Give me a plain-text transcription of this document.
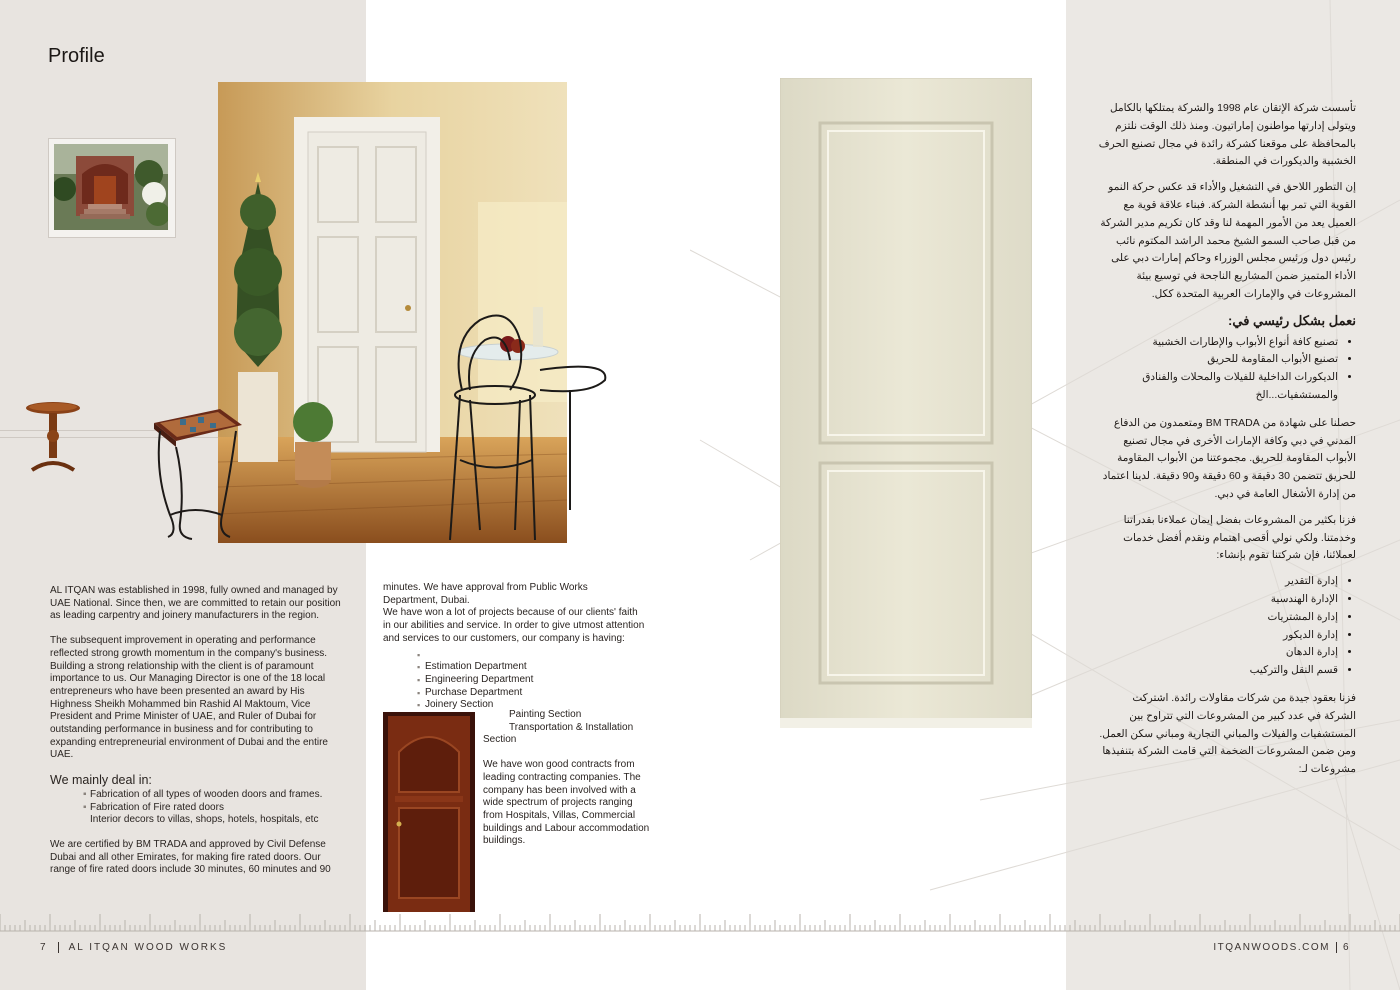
Profile

AL ITQAN was established in 1998, fully owned and managed by UAE National. Since then, we are committed to retain our position as leading carpentry and joinery manufacturers in the region.

The subsequent improvement in operating and performance reflected strong growth momentum in the company's business. Building a strong relationship with the client is of paramount importance to us. Our Managing Director is one of the 18 local entrepreneurs who have been presented an award by His Highness Sheikh Mohammed bin Rashid Al Maktoum, Vice President and Prime Minister of UAE, and Ruler of Dubai for outstanding performance in business and for contributing to expanding entrepreneurial environment of Dubai and the entire UAE.

We mainly deal in:
▪ Fabrication of all types of wooden doors and frames.
▪ Fabrication of Fire rated doors
Interior decors to villas, shops, hotels, hospitals, etc

We are certified by BM TRADA and approved by Civil Defense Dubai and all other Emirates, for making fire rated doors. Our range of fire rated doors include 30 minutes, 60 minutes and 90

minutes. We have approval from Public Works Department, Dubai.

We have won a lot of projects because of our clients' faith in our abilities and service. In order to give utmost attention and services to our customers, our company is having:

▪
▪ Estimation Department
▪ Engineering Department
▪ Purchase Department
▪ Joinery Section
Painting Section
Transportation & Installation
Section

We have won good contracts from leading contracting companies. The company has been involved with a wide spectrum of projects ranging from Hospitals, Villas, Commercial buildings and Labour accommodation buildings.

تأسست شركة الإتقان عام 1998 والشركة يمتلكها بالكامل ويتولى إدارتها مواطنون إماراتيون. ومنذ ذلك الوقت نلتزم بالمحافظة على موقعنا كشركة رائدة في مجال تصنيع الحرف الخشبية والديكورات في المنطقة.

إن التطور اللاحق في التشغيل والأداء قد عكس حركة النمو القوية التي تمر بها أنشطة الشركة. فبناء علاقة قوية مع العميل يعد من الأمور المهمة لنا وقد كان تكريم مدير الشركة من قبل صاحب السمو الشيخ محمد الراشد المكتوم نائب رئيس دول ورئيس مجلس الوزراء وحاكم إمارات دبي على الأداء المتميز ضمن المشاريع الناجحة في توسيع بيئة المشروعات في والإمارات العربية المتحدة ككل.

نعمل بشكل رئيسي في:
• تصنيع كافة أنواع الأبواب والإطارات الخشبية
• تصنيع الأبواب المقاومة للحريق
• الديكورات الداخلية للفيلات والمحلات والفنادق والمستشفيات...الخ

حصلنا على شهادة من BM TRADA ومتعمدون من الدفاع المدني في دبي وكافة الإمارات الأخرى في مجال تصنيع الأبواب المقاومة للحريق. مجموعتنا من الأبواب المقاومة للحريق تتضمن 30 دقيقة و 60 دقيقة و90 دقيقة. لدينا اعتماد من إدارة الأشغال العامة في دبي.

فزنا بكثير من المشروعات بفضل إيمان عملاءنا بقدراتنا وخدمتنا. ولكي نولي أقصى اهتمام ونقدم أفضل خدمات لعملائنا، فإن شركتنا تقوم بإنشاء:

• إدارة التقدير
• الإدارة الهندسية
• إدارة المشتريات
• إدارة الديكور
• إدارة الدهان
• قسم النقل والتركيب

فزنا بعقود جيدة من شركات مقاولات رائدة. اشتركت الشركة في عدد كبير من المشروعات التي تتراوح بين المستشفيات والفيلات والمباني التجارية ومباني سكن العمل. ومن ضمن المشروعات الضخمة التي قامت الشركة بتنفيذها مشروعات لـ:

7 AL ITQAN WOOD WORKS	ITQANWOODS.COM 6
